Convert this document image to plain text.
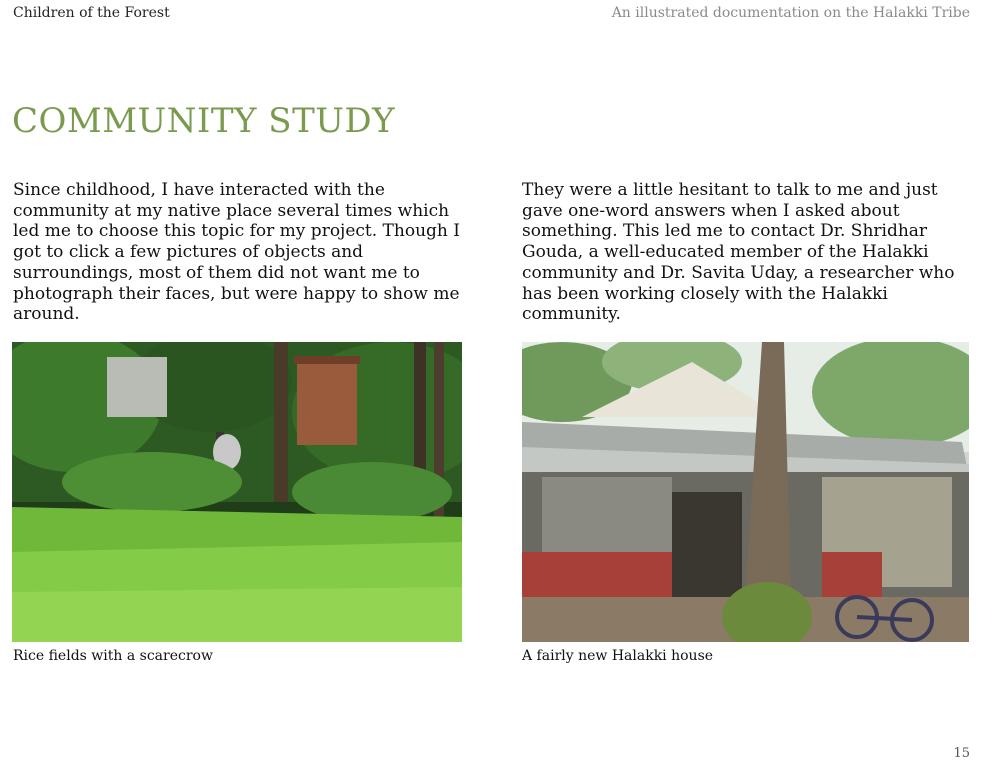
Children of the Forest	An illustrated documentation on the Halakki Tribe
COMMUNITY STUDY

Since childhood, I have interacted with the community at my native place several times which led me to choose this topic for my project. Though I got to click a few pictures of objects and surroundings, most of them did not want me to photograph their faces, but were happy to show me around.

They were a little hesitant to talk to me and just gave one-word answers when I asked about something. This led me to contact Dr. Shridhar Gouda, a well-educated member of the Halakki community and Dr. Savita Uday, a researcher who has been working closely with the Halakki community.

Rice fields with a scarecrow	A fairly new Halakki house
15
